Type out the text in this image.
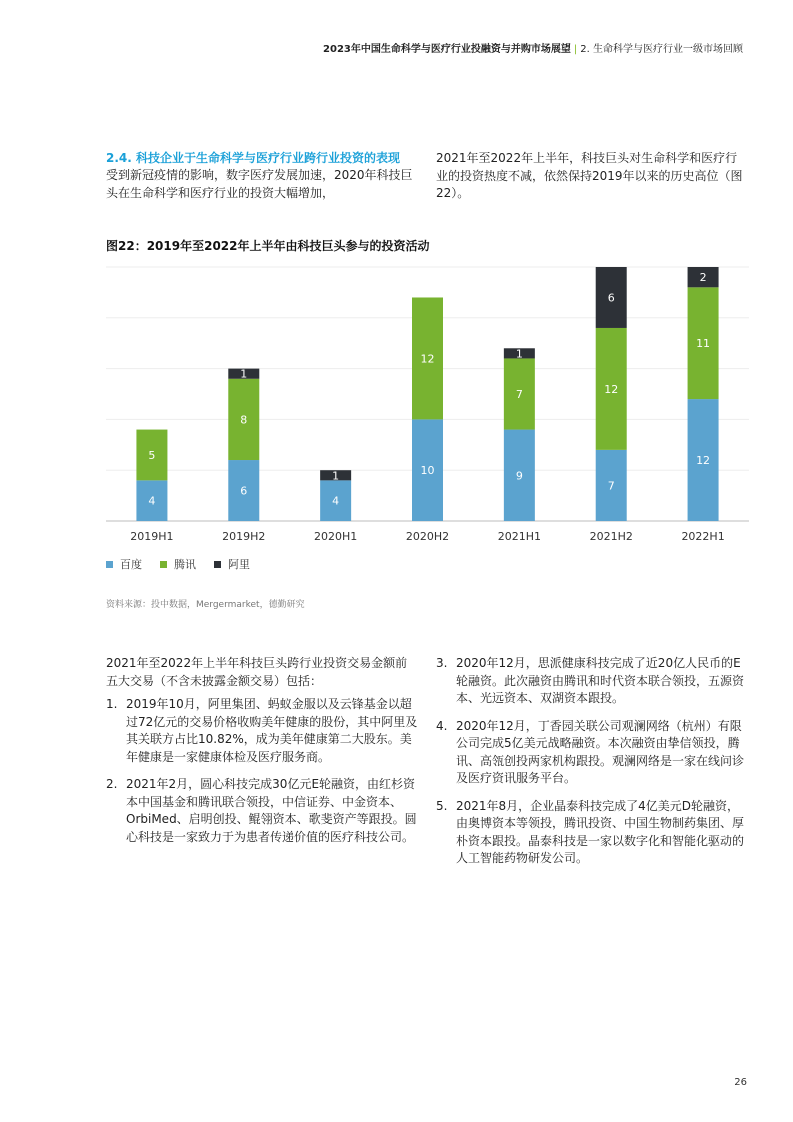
2023年中国生命科学与医疗行业投融资与并购市场展望 | 2. 生命科学与医疗行业一级市场回顾
2.4. 科技企业于生命科学与医疗行业跨行业投资的表现
受到新冠疫情的影响，数字医疗发展加速，2020年科技巨头在生命科学和医疗行业的投资大幅增加，
2021年至2022年上半年，科技巨头对生命科学和医疗行业的投资热度不减，依然保持2019年以来的历史高位（图22）。
图22：2019年至2022年上半年由科技巨头参与的投资活动
4
5
2019H1
6
8
1
2019H2
4
1
2020H1
10
12
2020H2
9
7
1
2021H1
7
12
6
2021H2
12
11
2
2022H1
百度	腾讯	阿里
资料来源：投中数据，Mergermarket，德勤研究
2021年至2022年上半年科技巨头跨行业投资交易金额前五大交易（不含未披露金额交易）包括：
1. 2019年10月，阿里集团、蚂蚁金服以及云锋基金以超过72亿元的交易价格收购美年健康的股份，其中阿里及其关联方占比10.82%，成为美年健康第二大股东。美年健康是一家健康体检及医疗服务商。
2. 2021年2月，圆心科技完成30亿元E轮融资，由红杉资本中国基金和腾讯联合领投，中信证券、中金资本、OrbiMed、启明创投、鲲翎资本、歌斐资产等跟投。圆心科技是一家致力于为患者传递价值的医疗科技公司。
3. 2020年12月，思派健康科技完成了近20亿人民币的E轮融资。此次融资由腾讯和时代资本联合领投，五源资本、光远资本、双湖资本跟投。
4. 2020年12月，丁香园关联公司观澜网络（杭州）有限公司完成5亿美元战略融资。本次融资由挚信领投，腾讯、高瓴创投两家机构跟投。观澜网络是一家在线问诊及医疗资讯服务平台。
5. 2021年8月，企业晶泰科技完成了4亿美元D轮融资，由奥博资本等领投，腾讯投资、中国生物制药集团、厚朴资本跟投。晶泰科技是一家以数字化和智能化驱动的人工智能药物研发公司。
26
